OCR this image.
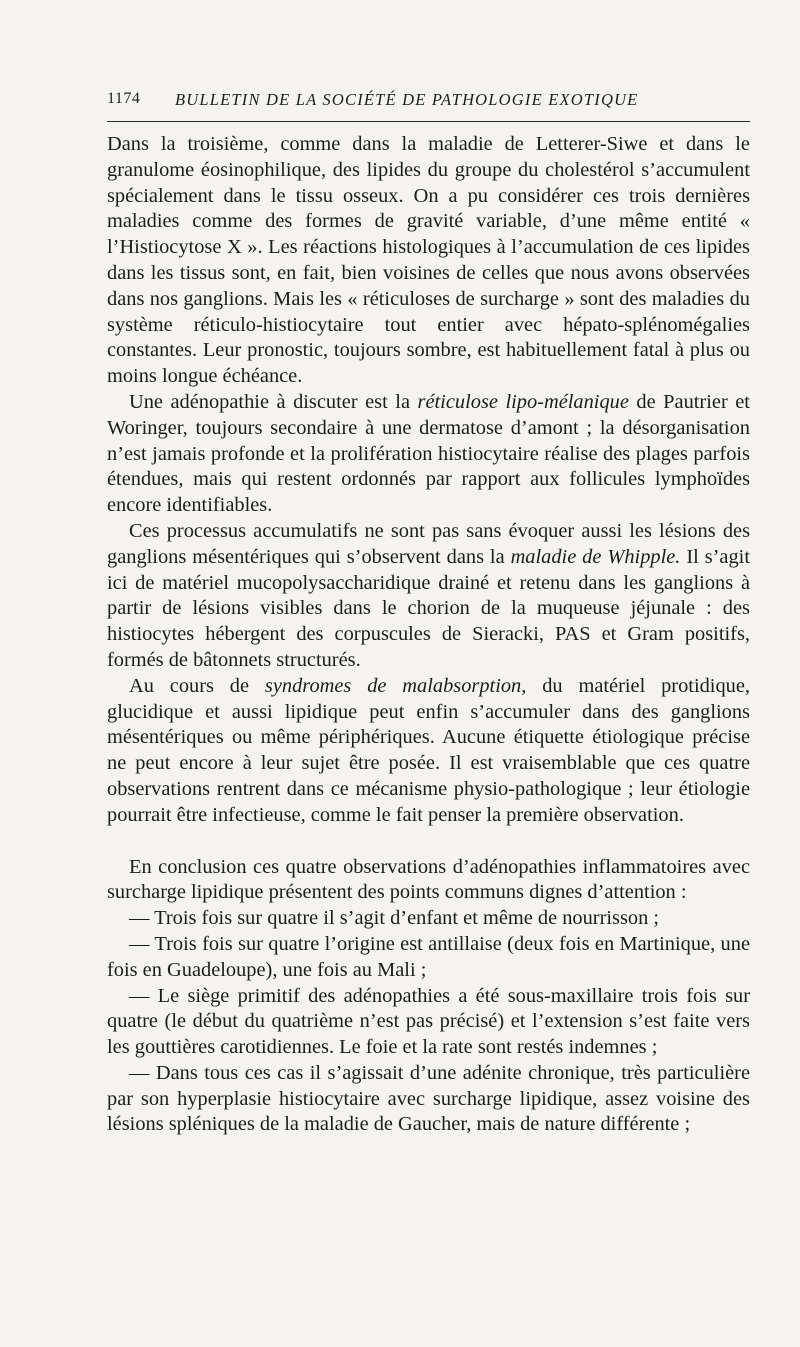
1174 BULLETIN DE LA SOCIÉTÉ DE PATHOLOGIE EXOTIQUE

Dans la troisième, comme dans la maladie de Letterer-Siwe et dans le granulome éosinophilique, des lipides du groupe du cholestérol s’accumulent spécialement dans le tissu osseux. On a pu considérer ces trois dernières maladies comme des formes de gravité variable, d’une même entité « l’Histiocytose X ». Les réactions histologiques à l’accumulation de ces lipides dans les tissus sont, en fait, bien voisines de celles que nous avons observées dans nos ganglions. Mais les « réticuloses de surcharge » sont des maladies du système réticulo-histiocytaire tout entier avec hépato-splénomégalies constantes. Leur pronostic, toujours sombre, est habituellement fatal à plus ou moins longue échéance.

Une adénopathie à discuter est la réticulose lipo-mélanique de Pautrier et Woringer, toujours secondaire à une dermatose d’amont ; la désorganisation n’est jamais profonde et la prolifération histiocytaire réalise des plages parfois étendues, mais qui restent ordonnés par rapport aux follicules lymphoïdes encore identifiables.

Ces processus accumulatifs ne sont pas sans évoquer aussi les lésions des ganglions mésentériques qui s’observent dans la maladie de Whipple. Il s’agit ici de matériel mucopolysaccharidique drainé et retenu dans les ganglions à partir de lésions visibles dans le chorion de la muqueuse jéjunale : des histiocytes hébergent des corpuscules de Sieracki, PAS et Gram positifs, formés de bâtonnets structurés.

Au cours de syndromes de malabsorption, du matériel protidique, glucidique et aussi lipidique peut enfin s’accumuler dans des ganglions mésentériques ou même périphériques. Aucune étiquette étiologique précise ne peut encore à leur sujet être posée. Il est vraisemblable que ces quatre observations rentrent dans ce mécanisme physio-pathologique ; leur étiologie pourrait être infectieuse, comme le fait penser la première observation.

En conclusion ces quatre observations d’adénopathies inflammatoires avec surcharge lipidique présentent des points communs dignes d’attention :

— Trois fois sur quatre il s’agit d’enfant et même de nourrisson ;

— Trois fois sur quatre l’origine est antillaise (deux fois en Martinique, une fois en Guadeloupe), une fois au Mali ;

— Le siège primitif des adénopathies a été sous-maxillaire trois fois sur quatre (le début du quatrième n’est pas précisé) et l’extension s’est faite vers les gouttières carotidiennes. Le foie et la rate sont restés indemnes ;

— Dans tous ces cas il s’agissait d’une adénite chronique, très particulière par son hyperplasie histiocytaire avec surcharge lipidique, assez voisine des lésions spléniques de la maladie de Gaucher, mais de nature différente ;
